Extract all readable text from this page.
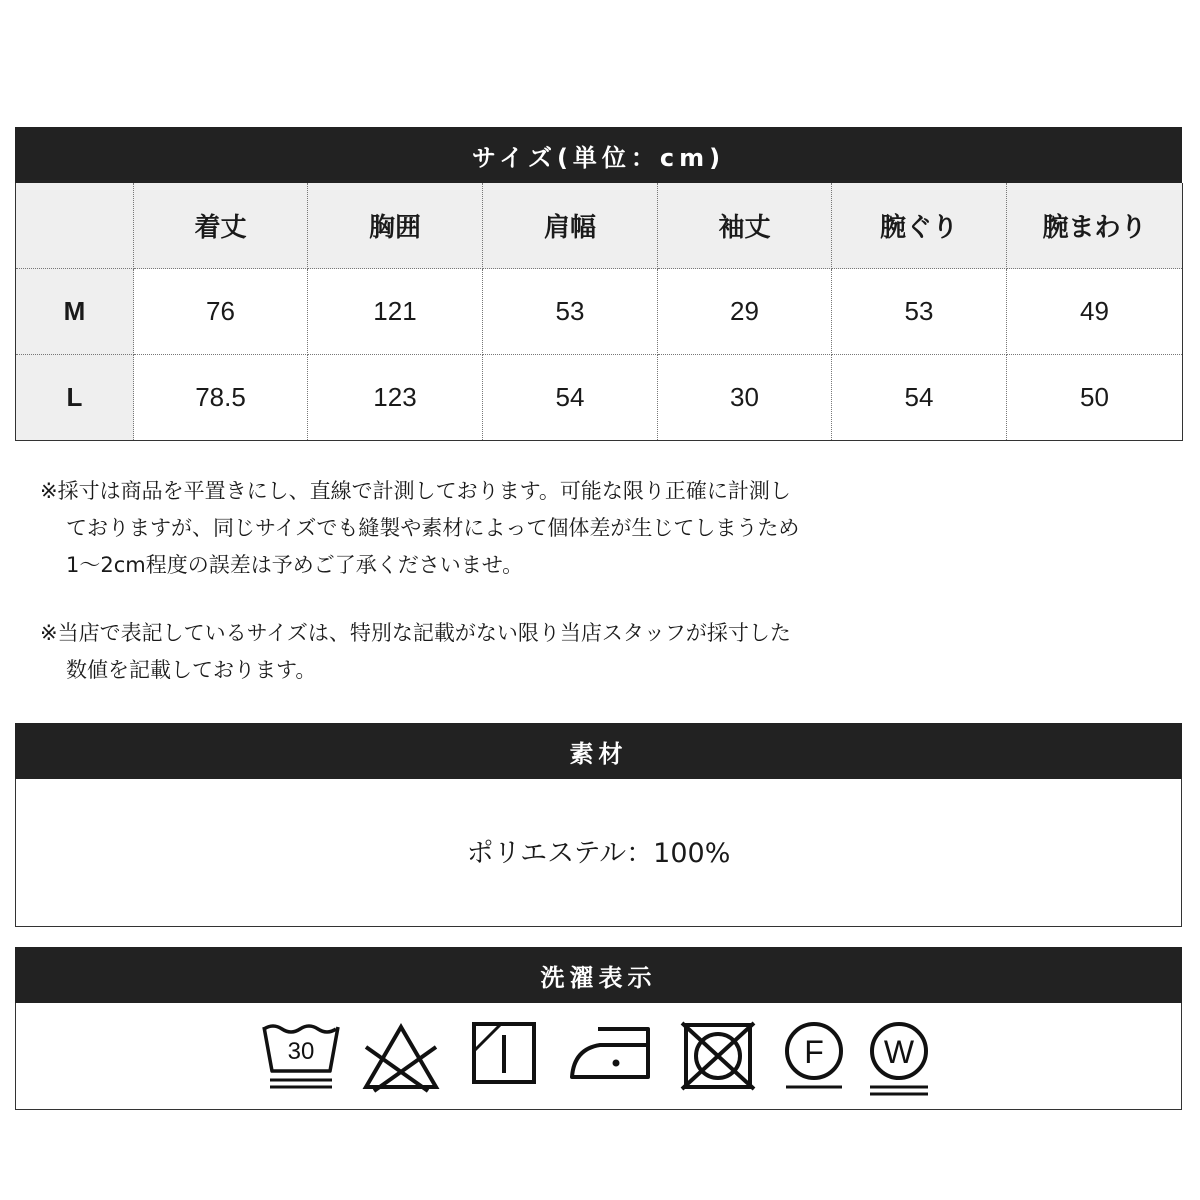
サイズ(単位：cm)
	着丈	胸囲	肩幅	袖丈	腕ぐり	腕まわり
M	76	121	53	29	53	49
L	78.5	123	54	30	54	50
※採寸は商品を平置きにし、直線で計測しております。可能な限り正確に計測し
ておりますが、同じサイズでも縫製や素材によって個体差が生じてしまうため
1〜2cm程度の誤差は予めご了承くださいませ。
※当店で表記しているサイズは、特別な記載がない限り当店スタッフが採寸した
数値を記載しております。
素材
ポリエステル：100%
洗濯表示
30	F W
